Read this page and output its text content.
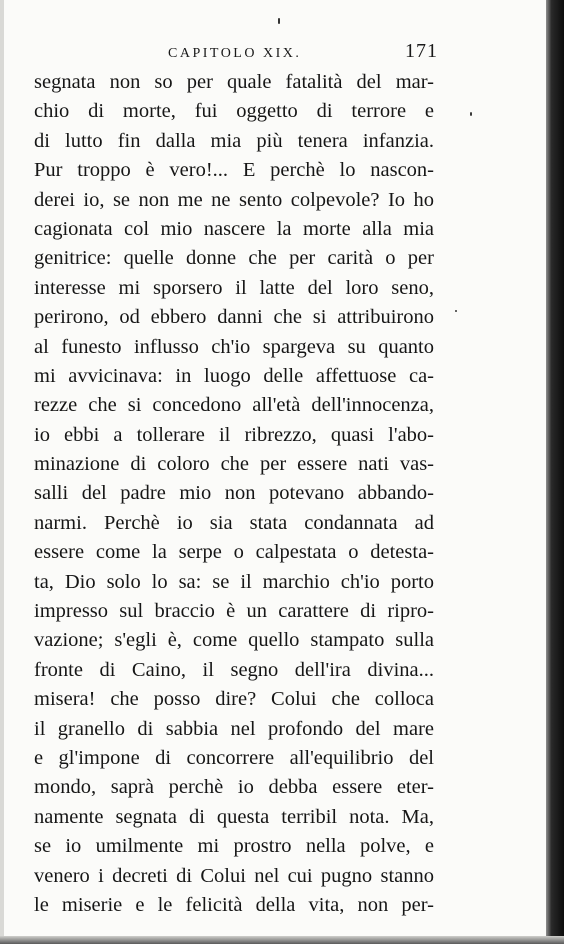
CAPITOLO XIX.	171
segnata non so per quale fatalità del mar-
chio di morte, fui oggetto di terrore e
di lutto fin dalla mia più tenera infanzia.
Pur troppo è vero!... E perchè lo nascon-
derei io, se non me ne sento colpevole? Io ho
cagionata col mio nascere la morte alla mia
genitrice: quelle donne che per carità o per
interesse mi sporsero il latte del loro seno,
perirono, od ebbero danni che si attribuirono
al funesto influsso ch'io spargeva su quanto
mi avvicinava: in luogo delle affettuose ca-
rezze che si concedono all'età dell'innocenza,
io ebbi a tollerare il ribrezzo, quasi l'abo-
minazione di coloro che per essere nati vas-
salli del padre mio non potevano abbando-
narmi. Perchè io sia stata condannata ad
essere come la serpe o calpestata o detesta-
ta, Dio solo lo sa: se il marchio ch'io porto
impresso sul braccio è un carattere di ripro-
vazione; s'egli è, come quello stampato sulla
fronte di Caino, il segno dell'ira divina...
misera! che posso dire? Colui che colloca
il granello di sabbia nel profondo del mare
e gl'impone di concorrere all'equilibrio del
mondo, saprà perchè io debba essere eter-
namente segnata di questa terribil nota. Ma,
se io umilmente mi prostro nella polve, e
venero i decreti di Colui nel cui pugno stanno
le miserie e le felicità della vita, non per-
